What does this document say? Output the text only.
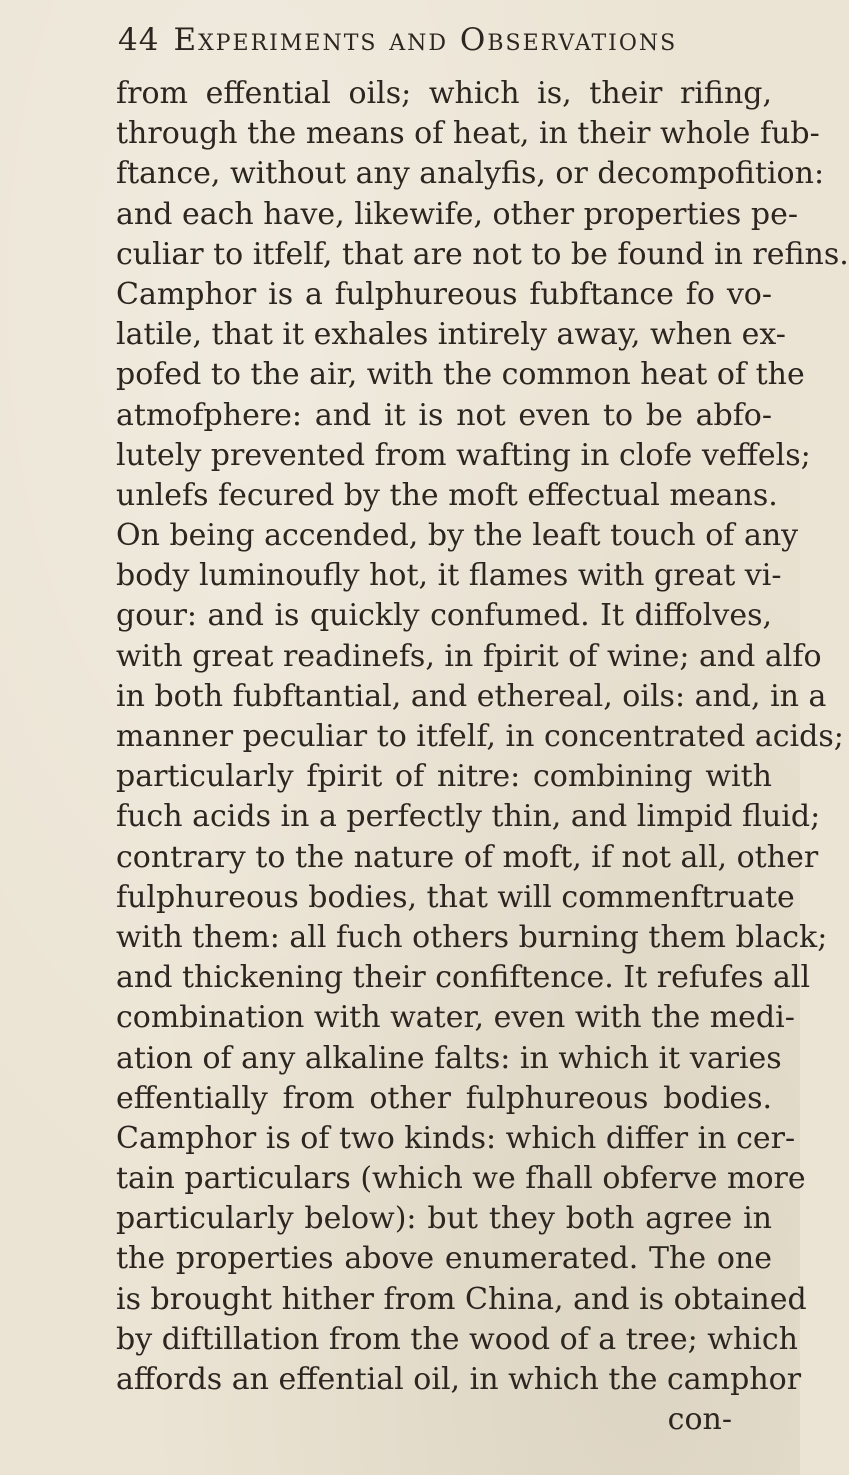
44 Experiments and Observations
from effential oils; which is, their rifing,
through the means of heat, in their whole fub-
ftance, without any analyfis, or decompofition:
and each have, likewife, other properties pe-
culiar to itfelf, that are not to be found in refins.
Camphor is a fulphureous fubftance fo vo-
latile, that it exhales intirely away, when ex-
pofed to the air, with the common heat of the
atmofphere: and it is not even to be abfo-
lutely prevented from wafting in clofe veffels;
unlefs fecured by the moft effectual means.
On being accended, by the leaft touch of any
body luminoufly hot, it flames with great vi-
gour: and is quickly confumed. It diffolves,
with great readinefs, in fpirit of wine; and alfo
in both fubftantial, and ethereal, oils: and, in a
manner peculiar to itfelf, in concentrated acids;
particularly fpirit of nitre: combining with
fuch acids in a perfectly thin, and limpid fluid;
contrary to the nature of moft, if not all, other
fulphureous bodies, that will commenftruate
with them: all fuch others burning them black;
and thickening their confiftence. It refufes all
combination with water, even with the medi-
ation of any alkaline falts: in which it varies
effentially from other fulphureous bodies.
Camphor is of two kinds: which differ in cer-
tain particulars (which we fhall obferve more
particularly below): but they both agree in
the properties above enumerated. The one
is brought hither from China, and is obtained
by diftillation from the wood of a tree; which
affords an effential oil, in which the camphor
con-
